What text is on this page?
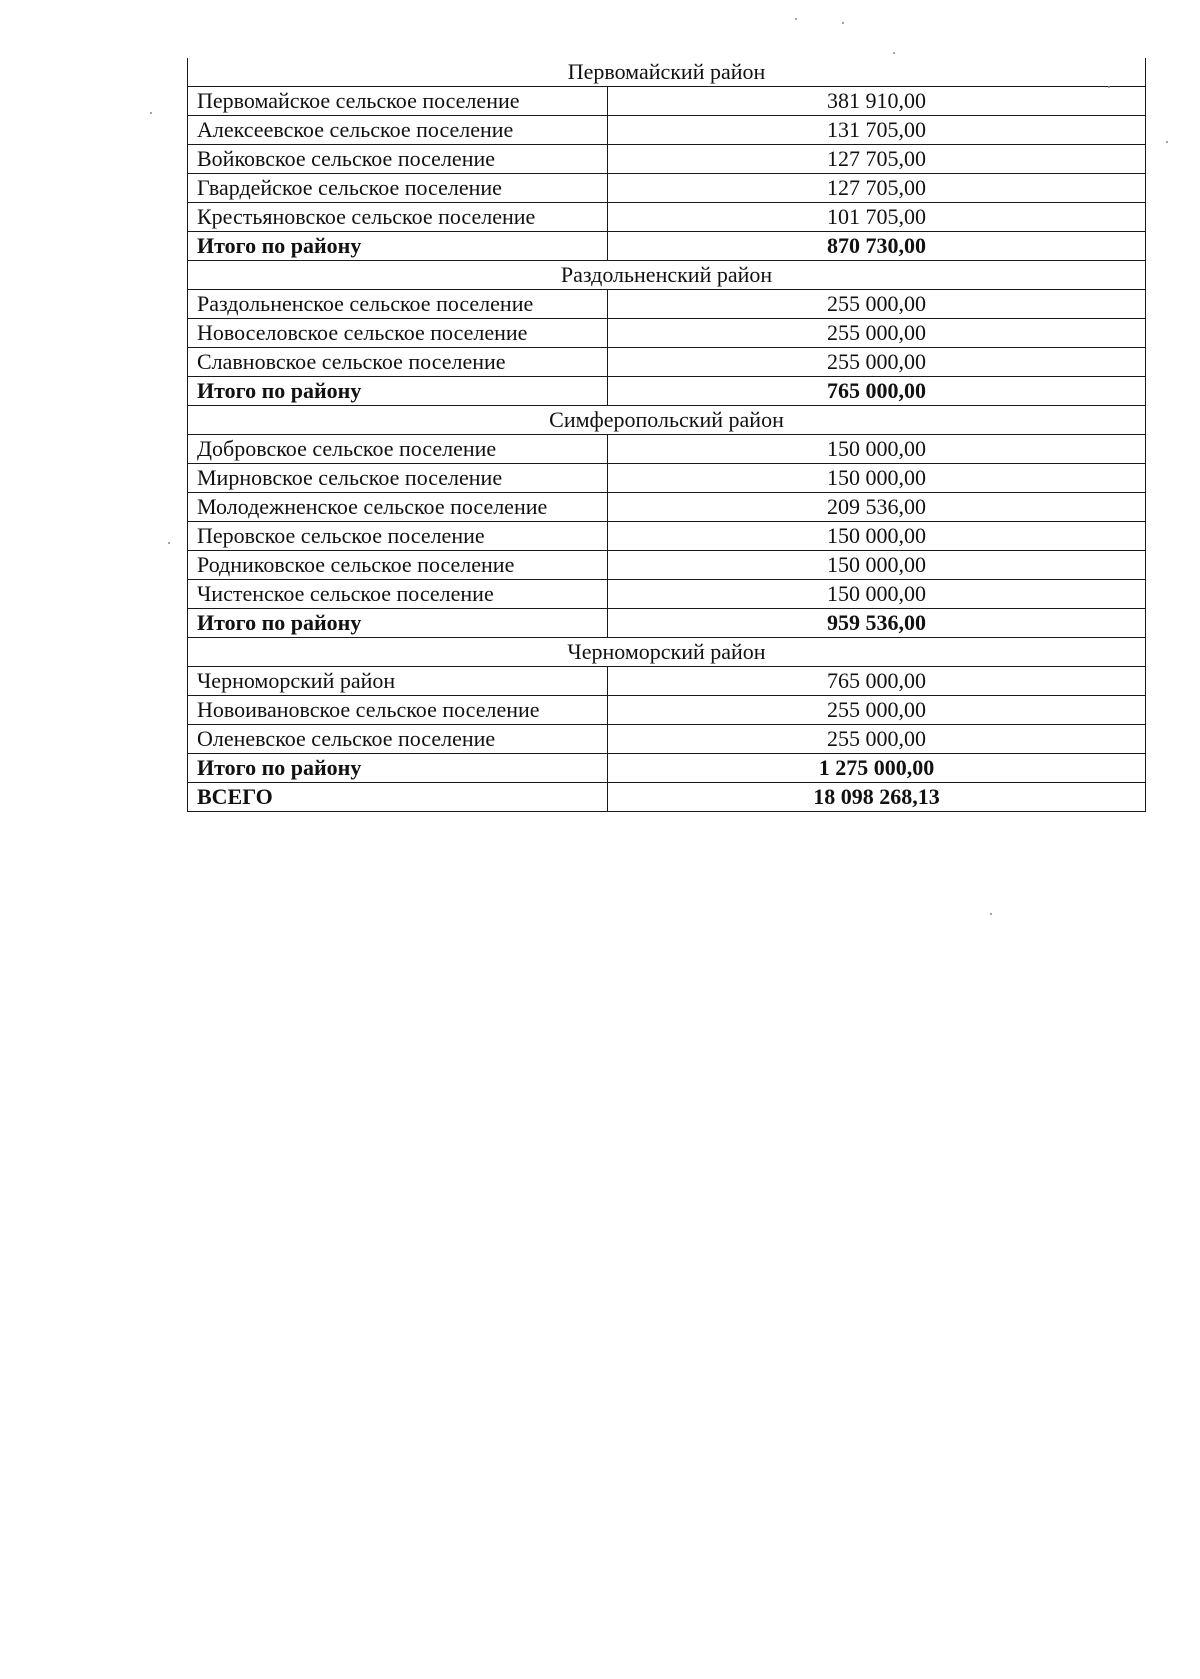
Первомайский район	
Первомайское сельское поселение	381 910,00
Алексеевское сельское поселение	131 705,00
Войковское сельское поселение	127 705,00
Гвардейское сельское поселение	127 705,00
Крестьяновское сельское поселение	101 705,00
Итого по району	870 730,00
Раздольненский район	
Раздольненское сельское поселение	255 000,00
Новоселовское сельское поселение	255 000,00
Славновское сельское поселение	255 000,00
Итого по району	765 000,00
Симферопольский район	
Добровское сельское поселение	150 000,00
Мирновское сельское поселение	150 000,00
Молодежненское сельское поселение	209 536,00
Перовское сельское поселение	150 000,00
Родниковское сельское поселение	150 000,00
Чистенское сельское поселение	150 000,00
Итого по району	959 536,00
Черноморский район	
Черноморский район	765 000,00
Новоивановское сельское поселение	255 000,00
Оленевское сельское поселение	255 000,00
Итого по району	1 275 000,00
ВСЕГО	18 098 268,13
